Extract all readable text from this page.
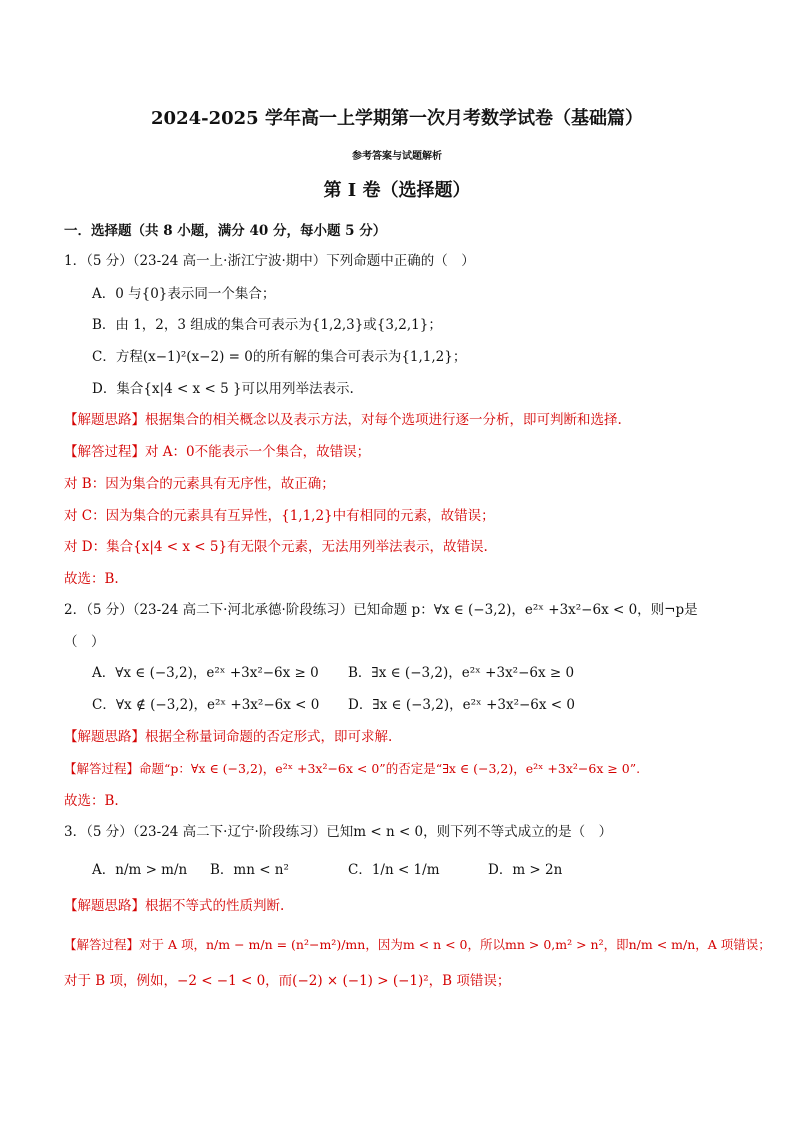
2024-2025 学年高一上学期第一次月考数学试卷（基础篇）
参考答案与试题解析
第 I 卷（选择题）
一．选择题（共 8 小题，满分 40 分，每小题 5 分）
1．（5 分）（23-24 高一上·浙江宁波·期中）下列命题中正确的（　）
A．0 与{0}表示同一个集合；
B．由 1，2，3 组成的集合可表示为{1,2,3}或{3,2,1}；
C．方程(x−1)²(x−2) = 0的所有解的集合可表示为{1,1,2}；
D．集合{x|4 < x < 5 }可以用列举法表示.
【解题思路】根据集合的相关概念以及表示方法，对每个选项进行逐一分析，即可判断和选择.
【解答过程】对 A：0不能表示一个集合，故错误；
对 B：因为集合的元素具有无序性，故正确；
对 C：因为集合的元素具有互异性，{1,1,2}中有相同的元素，故错误；
对 D：集合{x|4 < x < 5}有无限个元素，无法用列举法表示，故错误.
故选：B.
2．（5 分）（23-24 高二下·河北承德·阶段练习）已知命题 p：∀x ∈ (−3,2)，e²ˣ +3x²−6x < 0，则¬p是
（　）
A．∀x ∈ (−3,2)，e²ˣ +3x²−6x ≥ 0 B．∃x ∈ (−3,2)，e²ˣ +3x²−6x ≥ 0
C．∀x ∉ (−3,2)，e²ˣ +3x²−6x < 0 D．∃x ∈ (−3,2)，e²ˣ +3x²−6x < 0
【解题思路】根据全称量词命题的否定形式，即可求解.
【解答过程】命题“p：∀x ∈ (−3,2)，e²ˣ +3x²−6x < 0”的否定是“∃x ∈ (−3,2)，e²ˣ +3x²−6x ≥ 0”.
故选：B.
3．（5 分）（23-24 高二下·辽宁·阶段练习）已知m < n < 0，则下列不等式成立的是（　）
A．n/m > m/n B．mn < n²	C．1/n < 1/m	D．m > 2n
【解题思路】根据不等式的性质判断.
【解答过程】对于 A 项，n/m − m/n = (n²−m²)/mn，因为m < n < 0，所以mn > 0,m² > n²，即n/m < m/n，A 项错误；
对于 B 项，例如，−2 < −1 < 0，而(−2) × (−1) > (−1)²，B 项错误；
